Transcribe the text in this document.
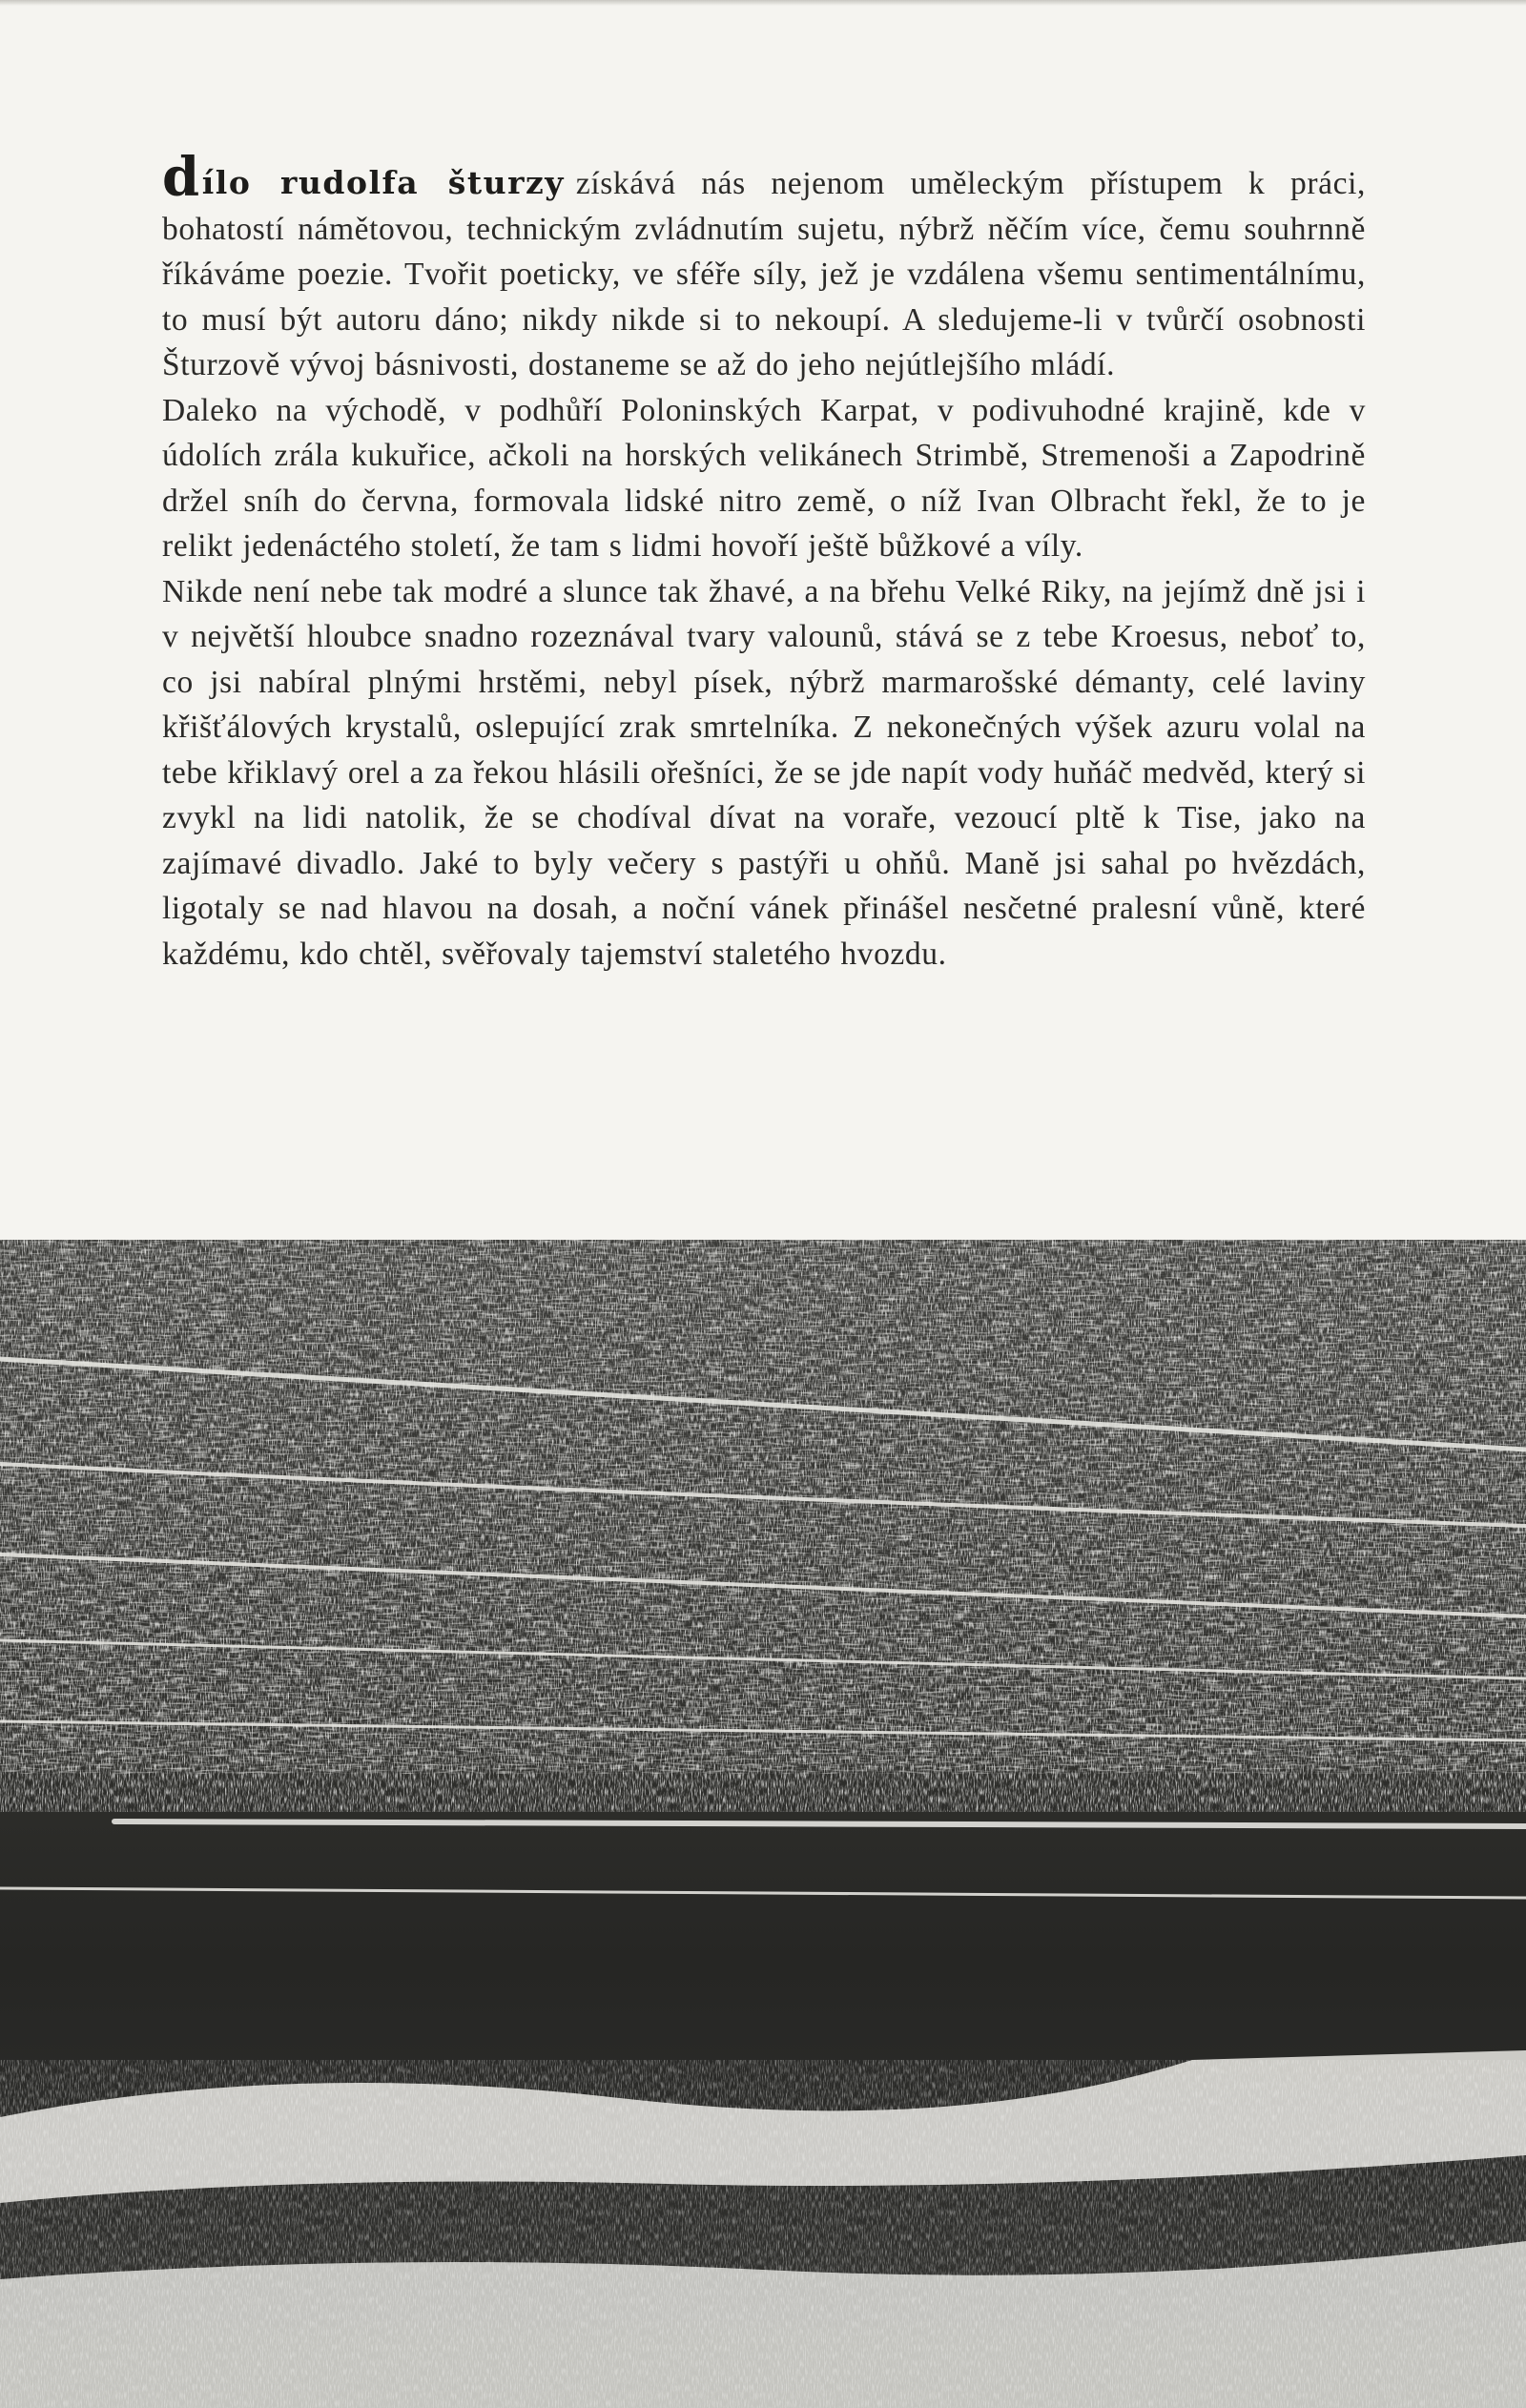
dílo rudolfa šturzy získává nás nejenom uměleckým přístupem k práci, bohatostí námětovou, technickým zvládnutím sujetu, nýbrž něčím více, čemu souhrnně říkáváme poezie. Tvořit poeticky, ve sféře síly, jež je vzdálena všemu sentimentálnímu, to musí být autoru dáno; nikdy nikde si to nekoupí. A sledujeme-li v tvůrčí osobnosti Šturzově vývoj básnivosti, dostaneme se až do jeho nejútlejšího mládí.

Daleko na východě, v podhůří Poloninských Karpat, v podivuhodné krajině, kde v údolích zrála kukuřice, ačkoli na horských velikánech Strimbě, Stremenoši a Zapodrině držel sníh do června, formovala lidské nitro země, o níž Ivan Olbracht řekl, že to je relikt jedenáctého století, že tam s lidmi hovoří ještě bůžkové a víly.

Nikde není nebe tak modré a slunce tak žhavé, a na břehu Velké Riky, na jejímž dně jsi i v největší hloubce snadno rozeznával tvary valounů, stává se z tebe Kroesus, neboť to, co jsi nabíral plnými hrstěmi, nebyl písek, nýbrž marmarošské démanty, celé laviny křišťálových krystalů, oslepující zrak smrtelníka. Z nekonečných výšek azuru volal na tebe křiklavý orel a za řekou hlásili ořešníci, že se jde napít vody huňáč medvěd, který si zvykl na lidi natolik, že se chodíval dívat na voraře, vezoucí pltě k Tise, jako na zajímavé divadlo. Jaké to byly večery s pastýři u ohňů. Maně jsi sahal po hvězdách, ligotaly se nad hlavou na dosah, a noční vánek přinášel nesčetné pralesní vůně, které každému, kdo chtěl, svěřovaly tajemství staletého hvozdu.
